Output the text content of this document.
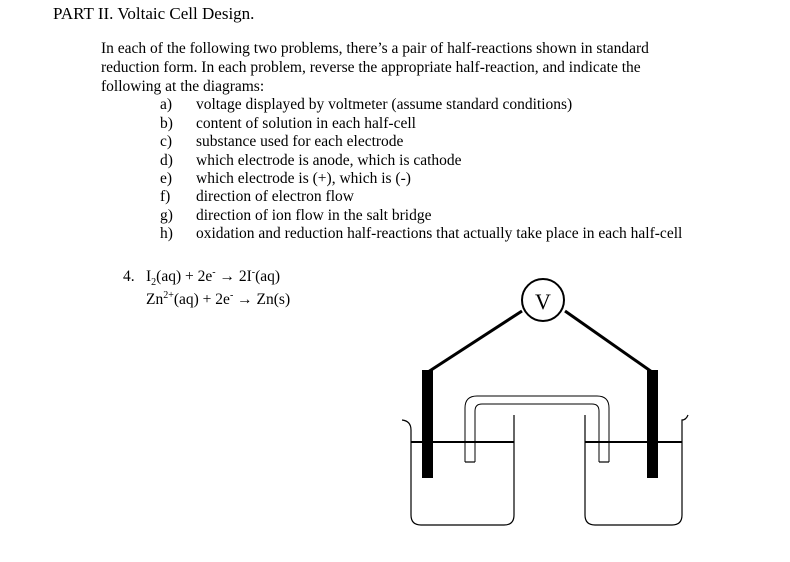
PART II. Voltaic Cell Design.
In each of the following two problems, there’s a pair of half-reactions shown in standard
reduction form. In each problem, reverse the appropriate half-reaction, and indicate the
following at the diagrams:
a) voltage displayed by voltmeter (assume standard conditions)
b) content of solution in each half-cell
c) substance used for each electrode
d) which electrode is anode, which is cathode
e) which electrode is (+), which is (-)
f) direction of electron flow
g) direction of ion flow in the salt bridge
h) oxidation and reduction half-reactions that actually take place in each half-cell
4. $I_2(aq) + 2e^- \to 2I^-(aq)$
$Zn^{2+}(aq) + 2e^- \to Zn(s)$	V
